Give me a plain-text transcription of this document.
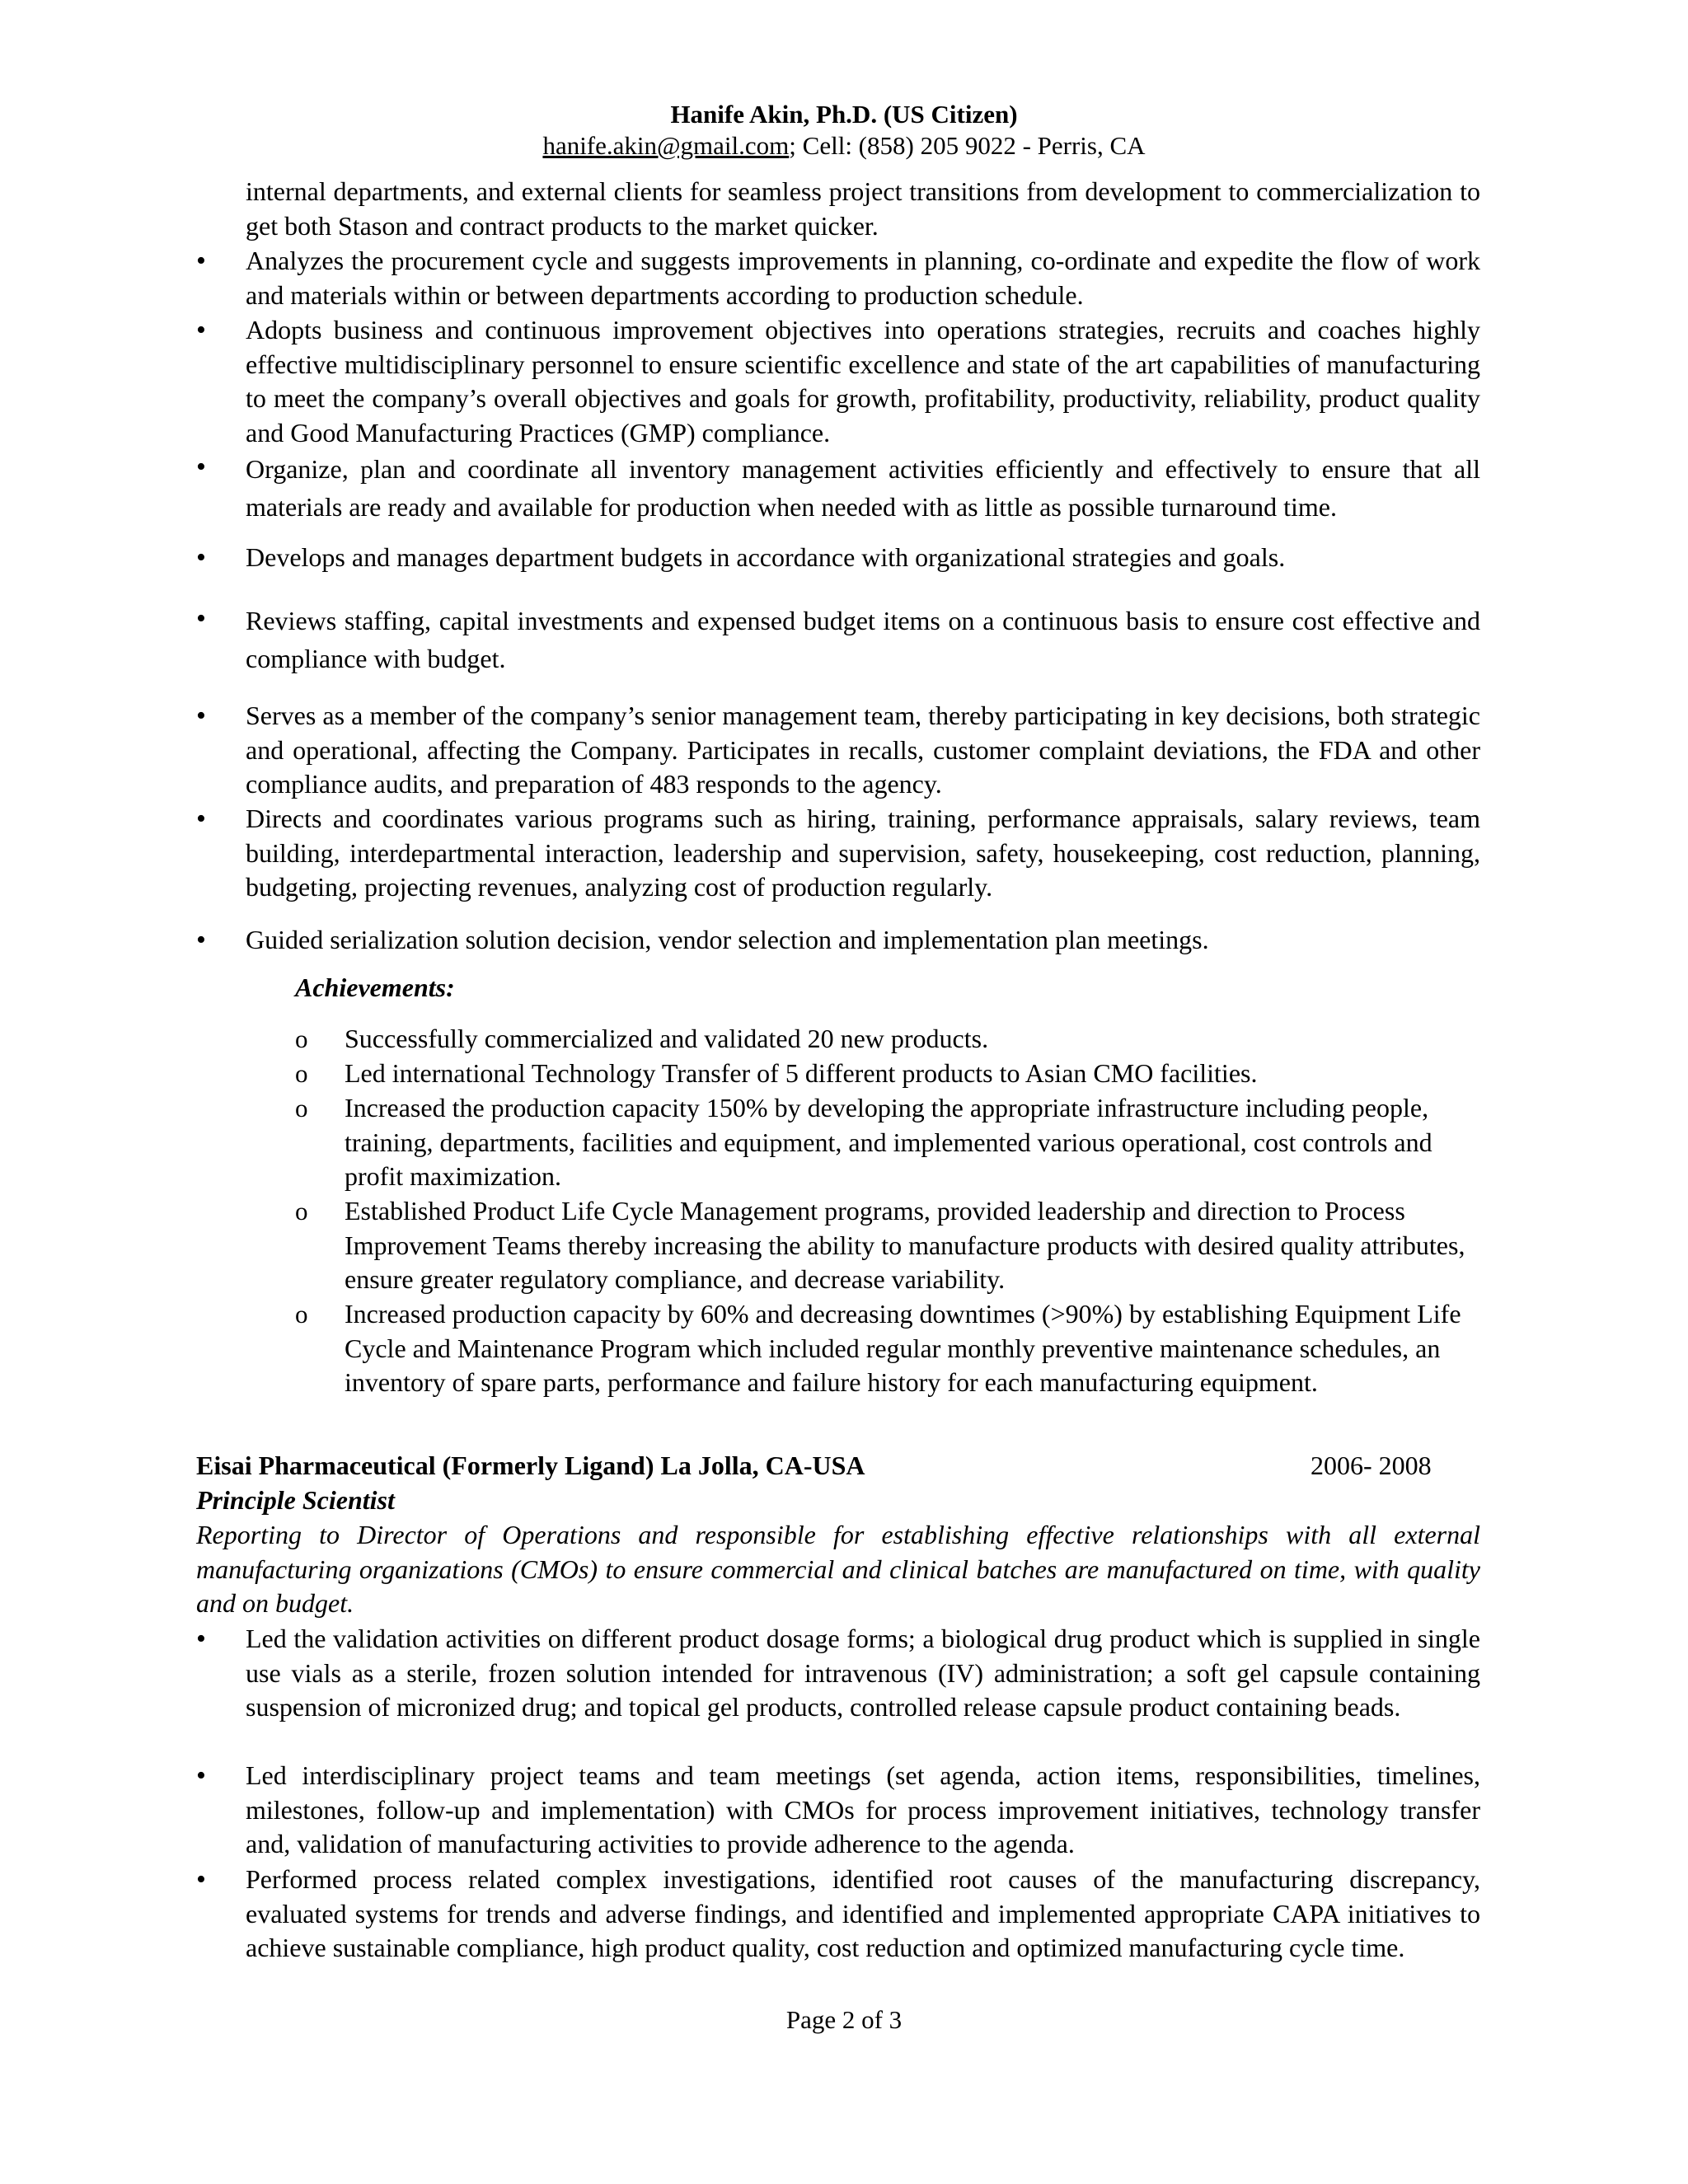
Hanife Akin, Ph.D. (US Citizen)
hanife.akin@gmail.com; Cell: (858) 205 9022 - Perris, CA
internal departments, and external clients for seamless project transitions from development to commercialization to get both Stason and contract products to the market quicker.
• Analyzes the procurement cycle and suggests improvements in planning, co-ordinate and expedite the flow of work and materials within or between departments according to production schedule.
• Adopts business and continuous improvement objectives into operations strategies, recruits and coaches highly effective multidisciplinary personnel to ensure scientific excellence and state of the art capabilities of manufacturing to meet the company’s overall objectives and goals for growth, profitability, productivity, reliability, product quality and Good Manufacturing Practices (GMP) compliance.
• Organize, plan and coordinate all inventory management activities efficiently and effectively to ensure that all materials are ready and available for production when needed with as little as possible turnaround time.
• Develops and manages department budgets in accordance with organizational strategies and goals.
• Reviews staffing, capital investments and expensed budget items on a continuous basis to ensure cost effective and compliance with budget.
• Serves as a member of the company’s senior management team, thereby participating in key decisions, both strategic and operational, affecting the Company. Participates in recalls, customer complaint deviations, the FDA and other compliance audits, and preparation of 483 responds to the agency.
• Directs and coordinates various programs such as hiring, training, performance appraisals, salary reviews, team building, interdepartmental interaction, leadership and supervision, safety, housekeeping, cost reduction, planning, budgeting, projecting revenues, analyzing cost of production regularly.
• Guided serialization solution decision, vendor selection and implementation plan meetings.
Achievements:
o Successfully commercialized and validated 20 new products.
o Led international Technology Transfer of 5 different products to Asian CMO facilities.
o Increased the production capacity 150% by developing the appropriate infrastructure including people, training, departments, facilities and equipment, and implemented various operational, cost controls and profit maximization.
o Established Product Life Cycle Management programs, provided leadership and direction to Process Improvement Teams thereby increasing the ability to manufacture products with desired quality attributes, ensure greater regulatory compliance, and decrease variability.
o Increased production capacity by 60% and decreasing downtimes (>90%) by establishing Equipment Life Cycle and Maintenance Program which included regular monthly preventive maintenance schedules, an inventory of spare parts, performance and failure history for each manufacturing equipment.
Eisai Pharmaceutical (Formerly Ligand) La Jolla, CA-USA	2006- 2008
Principle Scientist
Reporting to Director of Operations and responsible for establishing effective relationships with all external manufacturing organizations (CMOs) to ensure commercial and clinical batches are manufactured on time, with quality and on budget.
• Led the validation activities on different product dosage forms; a biological drug product which is supplied in single use vials as a sterile, frozen solution intended for intravenous (IV) administration; a soft gel capsule containing suspension of micronized drug; and topical gel products, controlled release capsule product containing beads.
• Led interdisciplinary project teams and team meetings (set agenda, action items, responsibilities, timelines, milestones, follow-up and implementation) with CMOs for process improvement initiatives, technology transfer and, validation of manufacturing activities to provide adherence to the agenda.
• Performed process related complex investigations, identified root causes of the manufacturing discrepancy, evaluated systems for trends and adverse findings, and identified and implemented appropriate CAPA initiatives to achieve sustainable compliance, high product quality, cost reduction and optimized manufacturing cycle time.
Page 2 of 3
